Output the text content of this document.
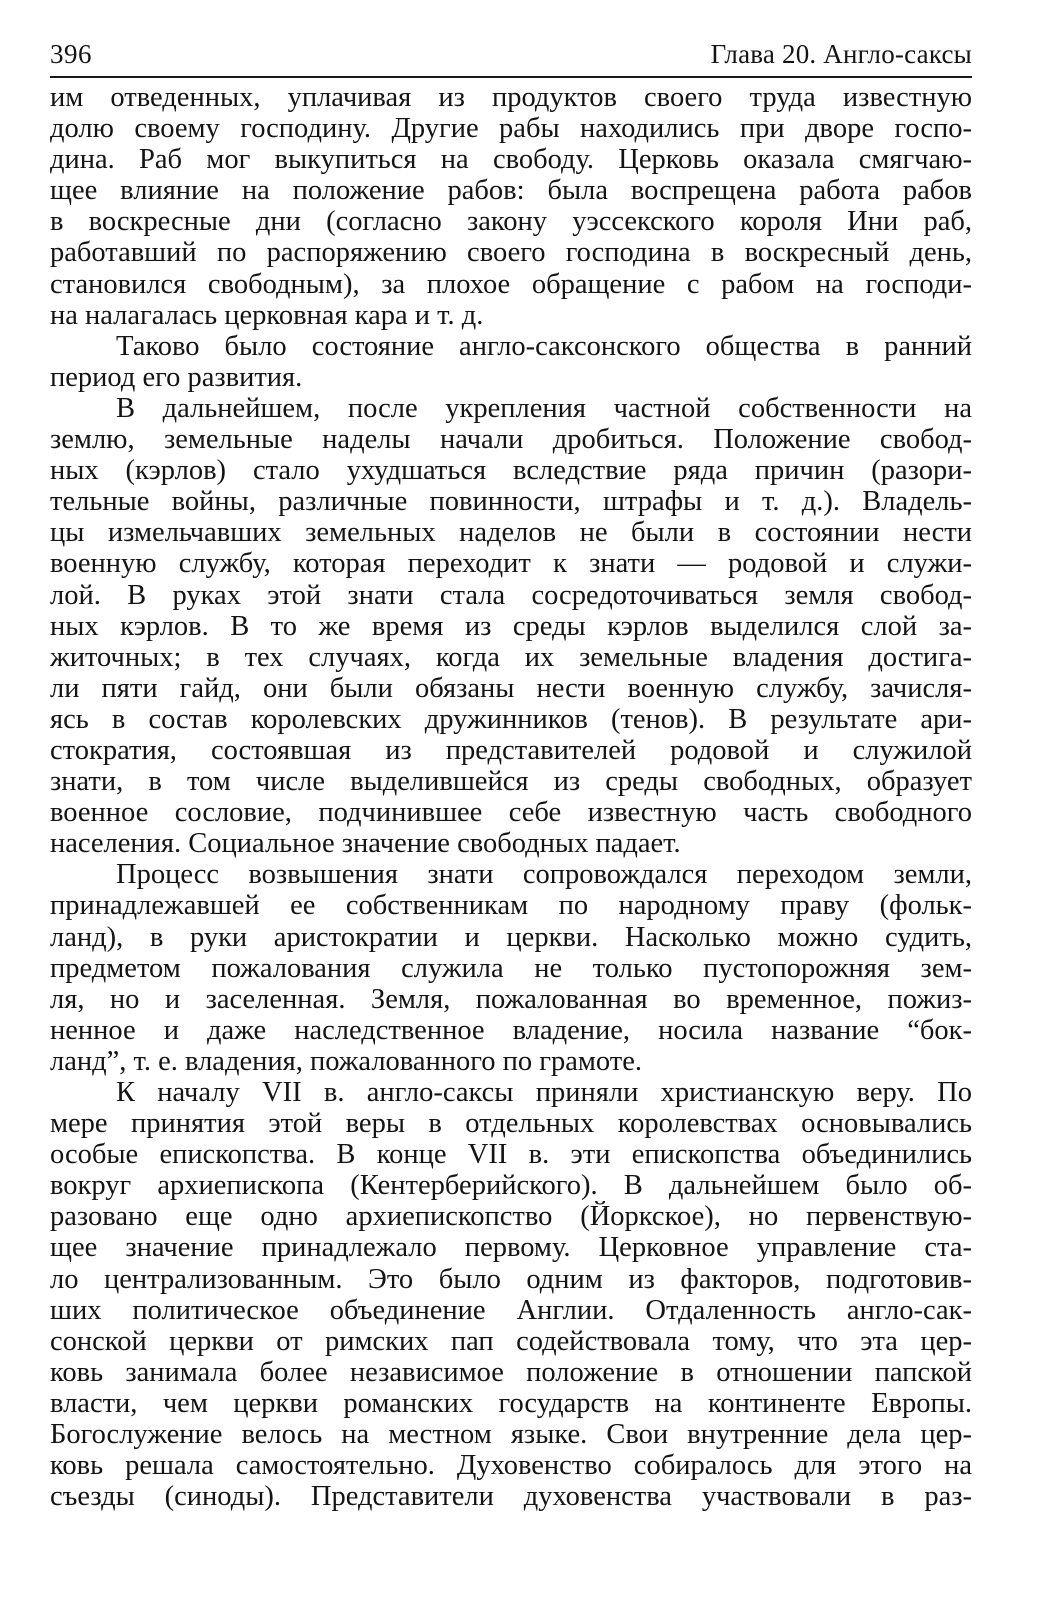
396	Глава 20. Англо-саксы
им отведенных, уплачивая из продуктов своего труда известную
долю своему господину. Другие рабы находились при дворе госпо-
дина. Раб мог выкупиться на свободу. Церковь оказала смягчаю-
щее влияние на положение рабов: была воспрещена работа рабов
в воскресные дни (согласно закону уэссекского короля Ини раб,
работавший по распоряжению своего господина в воскресный день,
становился свободным), за плохое обращение с рабом на господи-
на налагалась церковная кара и т. д.
Таково было состояние англо-саксонского общества в ранний
период его развития.
В дальнейшем, после укрепления частной собственности на
землю, земельные наделы начали дробиться. Положение свобод-
ных (кэрлов) стало ухудшаться вследствие ряда причин (разори-
тельные войны, различные повинности, штрафы и т. д.). Владель-
цы измельчавших земельных наделов не были в состоянии нести
военную службу, которая переходит к знати — родовой и служи-
лой. В руках этой знати стала сосредоточиваться земля свобод-
ных кэрлов. В то же время из среды кэрлов выделился слой за-
житочных; в тех случаях, когда их земельные владения достига-
ли пяти гайд, они были обязаны нести военную службу, зачисля-
ясь в состав королевских дружинников (тенов). В результате ари-
стократия, состоявшая из представителей родовой и служилой
знати, в том числе выделившейся из среды свободных, образует
военное сословие, подчинившее себе известную часть свободного
населения. Социальное значение свободных падает.
Процесс возвышения знати сопровождался переходом земли,
принадлежавшей ее собственникам по народному праву (фольк-
ланд), в руки аристократии и церкви. Насколько можно судить,
предметом пожалования служила не только пустопорожняя зем-
ля, но и заселенная. Земля, пожалованная во временное, пожиз-
ненное и даже наследственное владение, носила название “бок-
ланд”, т. е. владения, пожалованного по грамоте.
К началу VII в. англо-саксы приняли христианскую веру. По
мере принятия этой веры в отдельных королевствах основывались
особые епископства. В конце VII в. эти епископства объединились
вокруг архиепископа (Кентерберийского). В дальнейшем было об-
разовано еще одно архиепископство (Йоркское), но первенствую-
щее значение принадлежало первому. Церковное управление ста-
ло централизованным. Это было одним из факторов, подготовив-
ших политическое объединение Англии. Отдаленность англо-сак-
сонской церкви от римских пап содействовала тому, что эта цер-
ковь занимала более независимое положение в отношении папской
власти, чем церкви романских государств на континенте Европы.
Богослужение велось на местном языке. Свои внутренние дела цер-
ковь решала самостоятельно. Духовенство собиралось для этого на
съезды (синоды). Представители духовенства участвовали в раз-
